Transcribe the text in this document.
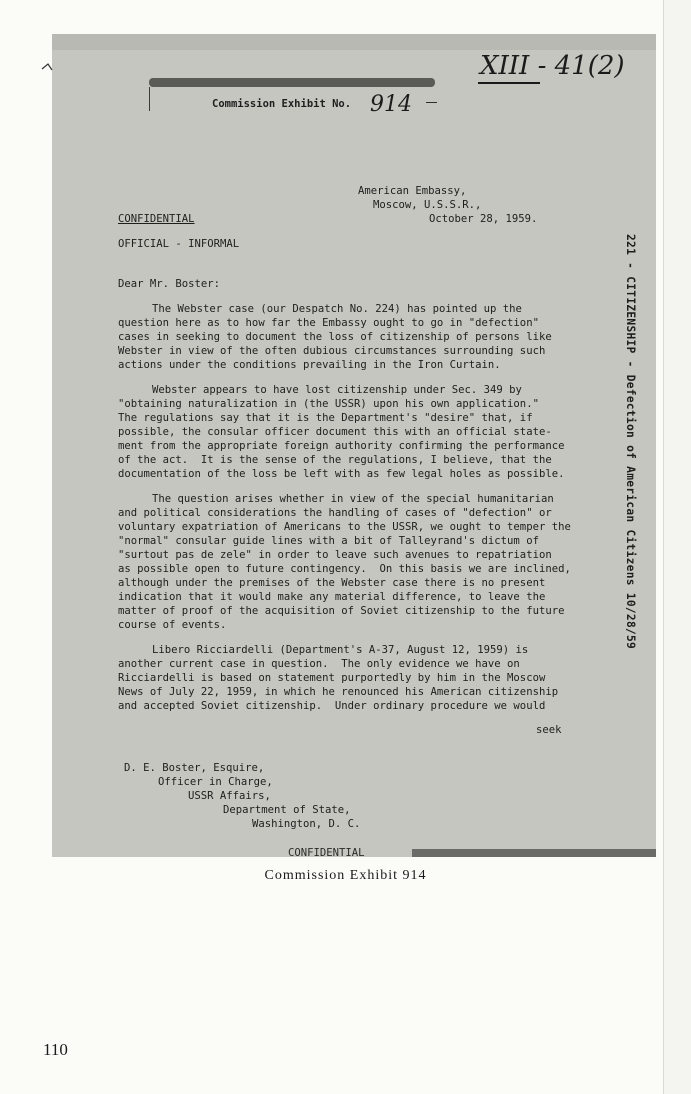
Commission Exhibit No. 914
XIII - 41(2)
American Embassy,
Moscow, U.S.S.R.,
October 28, 1959.
CONFIDENTIAL
OFFICIAL - INFORMAL
Dear Mr. Boster:
The Webster case (our Despatch No. 224) has pointed up the
question here as to how far the Embassy ought to go in "defection"
cases in seeking to document the loss of citizenship of persons like
Webster in view of the often dubious circumstances surrounding such
actions under the conditions prevailing in the Iron Curtain.
Webster appears to have lost citizenship under Sec. 349 by
"obtaining naturalization in (the USSR) upon his own application."
The regulations say that it is the Department's "desire" that, if
possible, the consular officer document this with an official state-
ment from the appropriate foreign authority confirming the performance
of the act.  It is the sense of the regulations, I believe, that the
documentation of the loss be left with as few legal holes as possible.
The question arises whether in view of the special humanitarian
and political considerations the handling of cases of "defection" or
voluntary expatriation of Americans to the USSR, we ought to temper the
"normal" consular guide lines with a bit of Talleyrand's dictum of
"surtout pas de zele" in order to leave such avenues to repatriation
as possible open to future contingency.  On this basis we are inclined,
although under the premises of the Webster case there is no present
indication that it would make any material difference, to leave the
matter of proof of the acquisition of Soviet citizenship to the future
course of events.
Libero Ricciardelli (Department's A-37, August 12, 1959) is
another current case in question.  The only evidence we have on
Ricciardelli is based on statement purportedly by him in the Moscow
News of July 22, 1959, in which he renounced his American citizenship
and accepted Soviet citizenship.  Under ordinary procedure we would
seek
D. E. Boster, Esquire,
Officer in Charge,
USSR Affairs,
Department of State,
Washington, D. C.
CONFIDENTIAL
221 - CITIZENSHIP - Defection of American Citizens 10/28/59
Commission Exhibit 914
110
